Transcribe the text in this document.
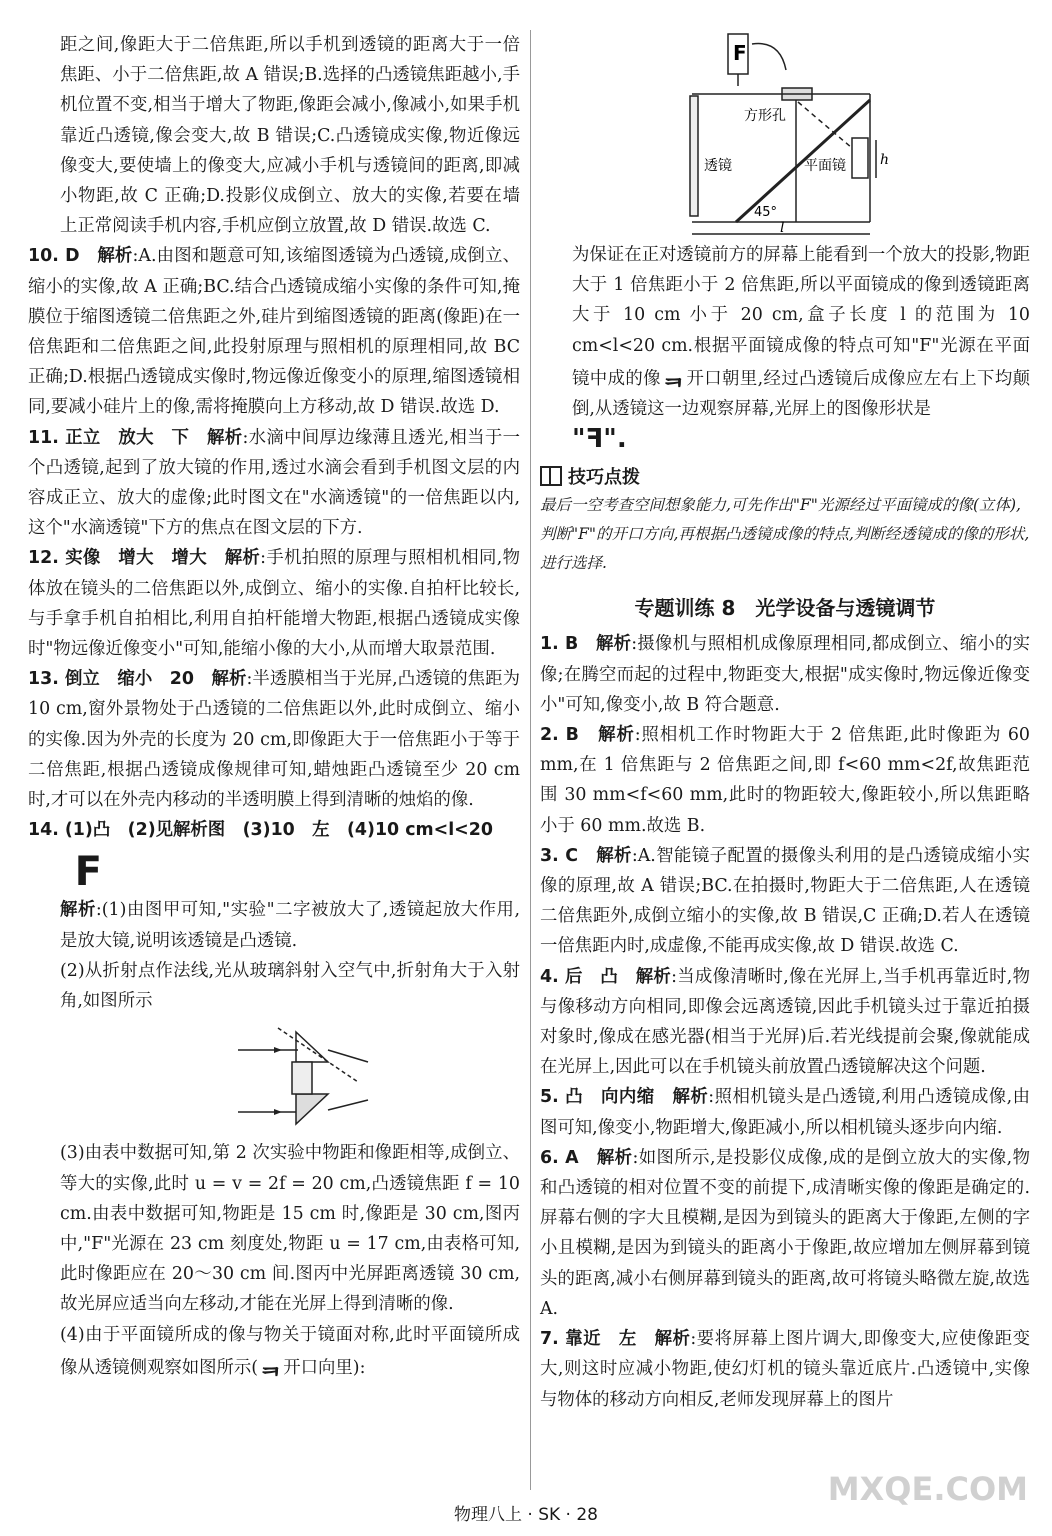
距之间,像距大于二倍焦距,所以手机到透镜的距离大于一倍焦距、小于二倍焦距,故 A 错误;B.选择的凸透镜焦距越小,手机位置不变,相当于增大了物距,像距会减小,像减小,如果手机靠近凸透镜,像会变大,故 B 错误;C.凸透镜成实像,物近像远像变大,要使墙上的像变大,应减小手机与透镜间的距离,即减小物距,故 C 正确;D.投影仪成倒立、放大的实像,若要在墙上正常阅读手机内容,手机应倒立放置,故 D 错误.故选 C.

10. D　 解析:A.由图和题意可知,该缩图透镜为凸透镜,成倒立、缩小的实像,故 A 正确;BC.结合凸透镜成缩小实像的条件可知,掩膜位于缩图透镜二倍焦距之外,硅片到缩图透镜的距离(像距)在一倍焦距和二倍焦距之间,此投射原理与照相机的原理相同,故 BC 正确;D.根据凸透镜成实像时,物远像近像变小的原理,缩图透镜相同,要减小硅片上的像,需将掩膜向上方移动,故 D 错误.故选 D.

11. 正立　放大　下　 解析:水滴中间厚边缘薄且透光,相当于一个凸透镜,起到了放大镜的作用,透过水滴会看到手机图文层的内容成正立、放大的虚像;此时图文在"水滴透镜"的一倍焦距以内,这个"水滴透镜"下方的焦点在图文层的下方.

12. 实像　增大　增大　 解析:手机拍照的原理与照相机相同,物体放在镜头的二倍焦距以外,成倒立、缩小的实像.自拍杆比较长,与手拿手机自拍相比,利用自拍杆能增大物距,根据凸透镜成实像时"物远像近像变小"可知,能缩小像的大小,从而增大取景范围.

13. 倒立　缩小　20　 解析:半透膜相当于光屏,凸透镜的焦距为 10 cm,窗外景物处于凸透镜的二倍焦距以外,此时成倒立、缩小的实像.因为外壳的长度为 20 cm,即像距大于一倍焦距小于等于二倍焦距,根据凸透镜成像规律可知,蜡烛距凸透镜至少 20 cm 时,才可以在外壳内移动的半透明膜上得到清晰的烛焰的像.

14. (1)凸　(2)见解析图　(3)10　左　(4)10 cm<l<20

ꟻ

解析:(1)由图甲可知,"实验"二字被放大了,透镜起放大作用,是放大镜,说明该透镜是凸透镜.

(2)从折射点作法线,光从玻璃斜射入空气中,折射角大于入射角,如图所示

(3)由表中数据可知,第 2 次实验中物距和像距相等,成倒立、等大的实像,此时 u = v = 2f = 20 cm,凸透镜焦距 f = 10 cm.由表中数据可知,物距是 15 cm 时,像距是 30 cm,图丙中,"F"光源在 23 cm 刻度处,物距 u = 17 cm,由表格可知,此时像距应在 20～30 cm 间.图丙中光屏距离透镜 30 cm,故光屏应适当向左移动,才能在光屏上得到清晰的像.

(4)由于平面镜所成的像与物关于镜面对称,此时平面镜所成像从透镜侧观察如图所示(ᆿ开口向里):

F
方形孔
透镜	平面镜
45°
l
h

为保证在正对透镜前方的屏幕上能看到一个放大的投影,物距大于 1 倍焦距小于 2 倍焦距,所以平面镜成的像到透镜距离大于 10 cm 小于 20 cm,盒子长度 l 的范围为 10 cm<l<20 cm.根据平面镜成像的特点可知"F"光源在平面镜中成的像ᆿ开口朝里,经过凸透镜后成像应左右上下均颠倒,从透镜这一边观察屏幕,光屏上的图像形状是
"ꟻ".

技巧点拨

最后一空考查空间想象能力,可先作出"F"光源经过平面镜成的像(立体),判断"F"的开口方向,再根据凸透镜成像的特点,判断经透镜成的像的形状,进行选择.

专题训练 8　光学设备与透镜调节

1. B　 解析:摄像机与照相机成像原理相同,都成倒立、缩小的实像;在腾空而起的过程中,物距变大,根据"成实像时,物远像近像变小"可知,像变小,故 B 符合题意.

2. B　 解析:照相机工作时物距大于 2 倍焦距,此时像距为 60 mm,在 1 倍焦距与 2 倍焦距之间,即 f<60 mm<2f,故焦距范围 30 mm<f<60 mm,此时的物距较大,像距较小,所以焦距略小于 60 mm.故选 B.

3. C　 解析:A.智能镜子配置的摄像头利用的是凸透镜成缩小实像的原理,故 A 错误;BC.在拍摄时,物距大于二倍焦距,人在透镜二倍焦距外,成倒立缩小的实像,故 B 错误,C 正确;D.若人在透镜一倍焦距内时,成虚像,不能再成实像,故 D 错误.故选 C.

4. 后　凸　 解析:当成像清晰时,像在光屏上,当手机再靠近时,物与像移动方向相同,即像会远离透镜,因此手机镜头过于靠近拍摄对象时,像成在感光器(相当于光屏)后.若光线提前会聚,像就能成在光屏上,因此可以在手机镜头前放置凸透镜解决这个问题.

5. 凸　向内缩　 解析:照相机镜头是凸透镜,利用凸透镜成像,由图可知,像变小,物距增大,像距减小,所以相机镜头逐步向内缩.

6. A　 解析:如图所示,是投影仪成像,成的是倒立放大的实像,物和凸透镜的相对位置不变的前提下,成清晰实像的像距是确定的.屏幕右侧的字大且模糊,是因为到镜头的距离大于像距,左侧的字小且模糊,是因为到镜头的距离小于像距,故应增加左侧屏幕到镜头的距离,减小右侧屏幕到镜头的距离,故可将镜头略微左旋,故选 A.

7. 靠近　左　 解析:要将屏幕上图片调大,即像变大,应使像距变大,则这时应减小物距,使幻灯机的镜头靠近底片.凸透镜中,实像与物体的移动方向相反,老师发现屏幕上的图片

物理八上 · SK · 28
MXQE.COM
